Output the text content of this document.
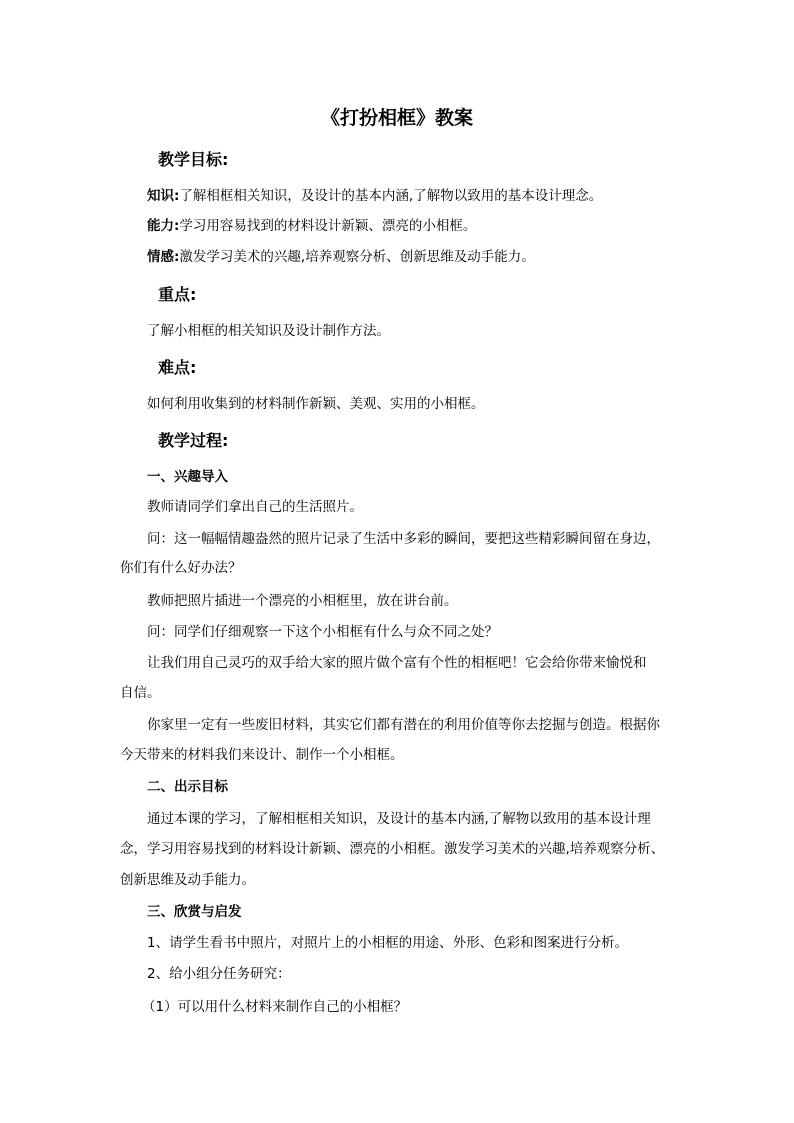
《打扮相框》教案
教学目标:
知识:了解相框相关知识，及设计的基本内涵,了解物以致用的基本设计理念。
能力:学习用容易找到的材料设计新颖、漂亮的小相框。
情感:激发学习美术的兴趣,培养观察分析、创新思维及动手能力。
重点:
了解小相框的相关知识及设计制作方法。
难点:
如何利用收集到的材料制作新颖、美观、实用的小相框。
教学过程:
一、兴趣导入
教师请同学们拿出自己的生活照片。
问：这一幅幅情趣盎然的照片记录了生活中多彩的瞬间，要把这些精彩瞬间留在身边，
你们有什么好办法？
教师把照片插进一个漂亮的小相框里，放在讲台前。
问：同学们仔细观察一下这个小相框有什么与众不同之处？
让我们用自己灵巧的双手给大家的照片做个富有个性的相框吧！它会给你带来愉悦和
自信。
你家里一定有一些废旧材料，其实它们都有潜在的利用价值等你去挖掘与创造。根据你
今天带来的材料我们来设计、制作一个小相框。
二、出示目标
通过本课的学习，了解相框相关知识，及设计的基本内涵,了解物以致用的基本设计理
念，学习用容易找到的材料设计新颖、漂亮的小相框。激发学习美术的兴趣,培养观察分析、
创新思维及动手能力。
三、欣赏与启发
1、请学生看书中照片，对照片上的小相框的用途、外形、色彩和图案进行分析。
2、给小组分任务研究：
（1）可以用什么材料来制作自己的小相框？
